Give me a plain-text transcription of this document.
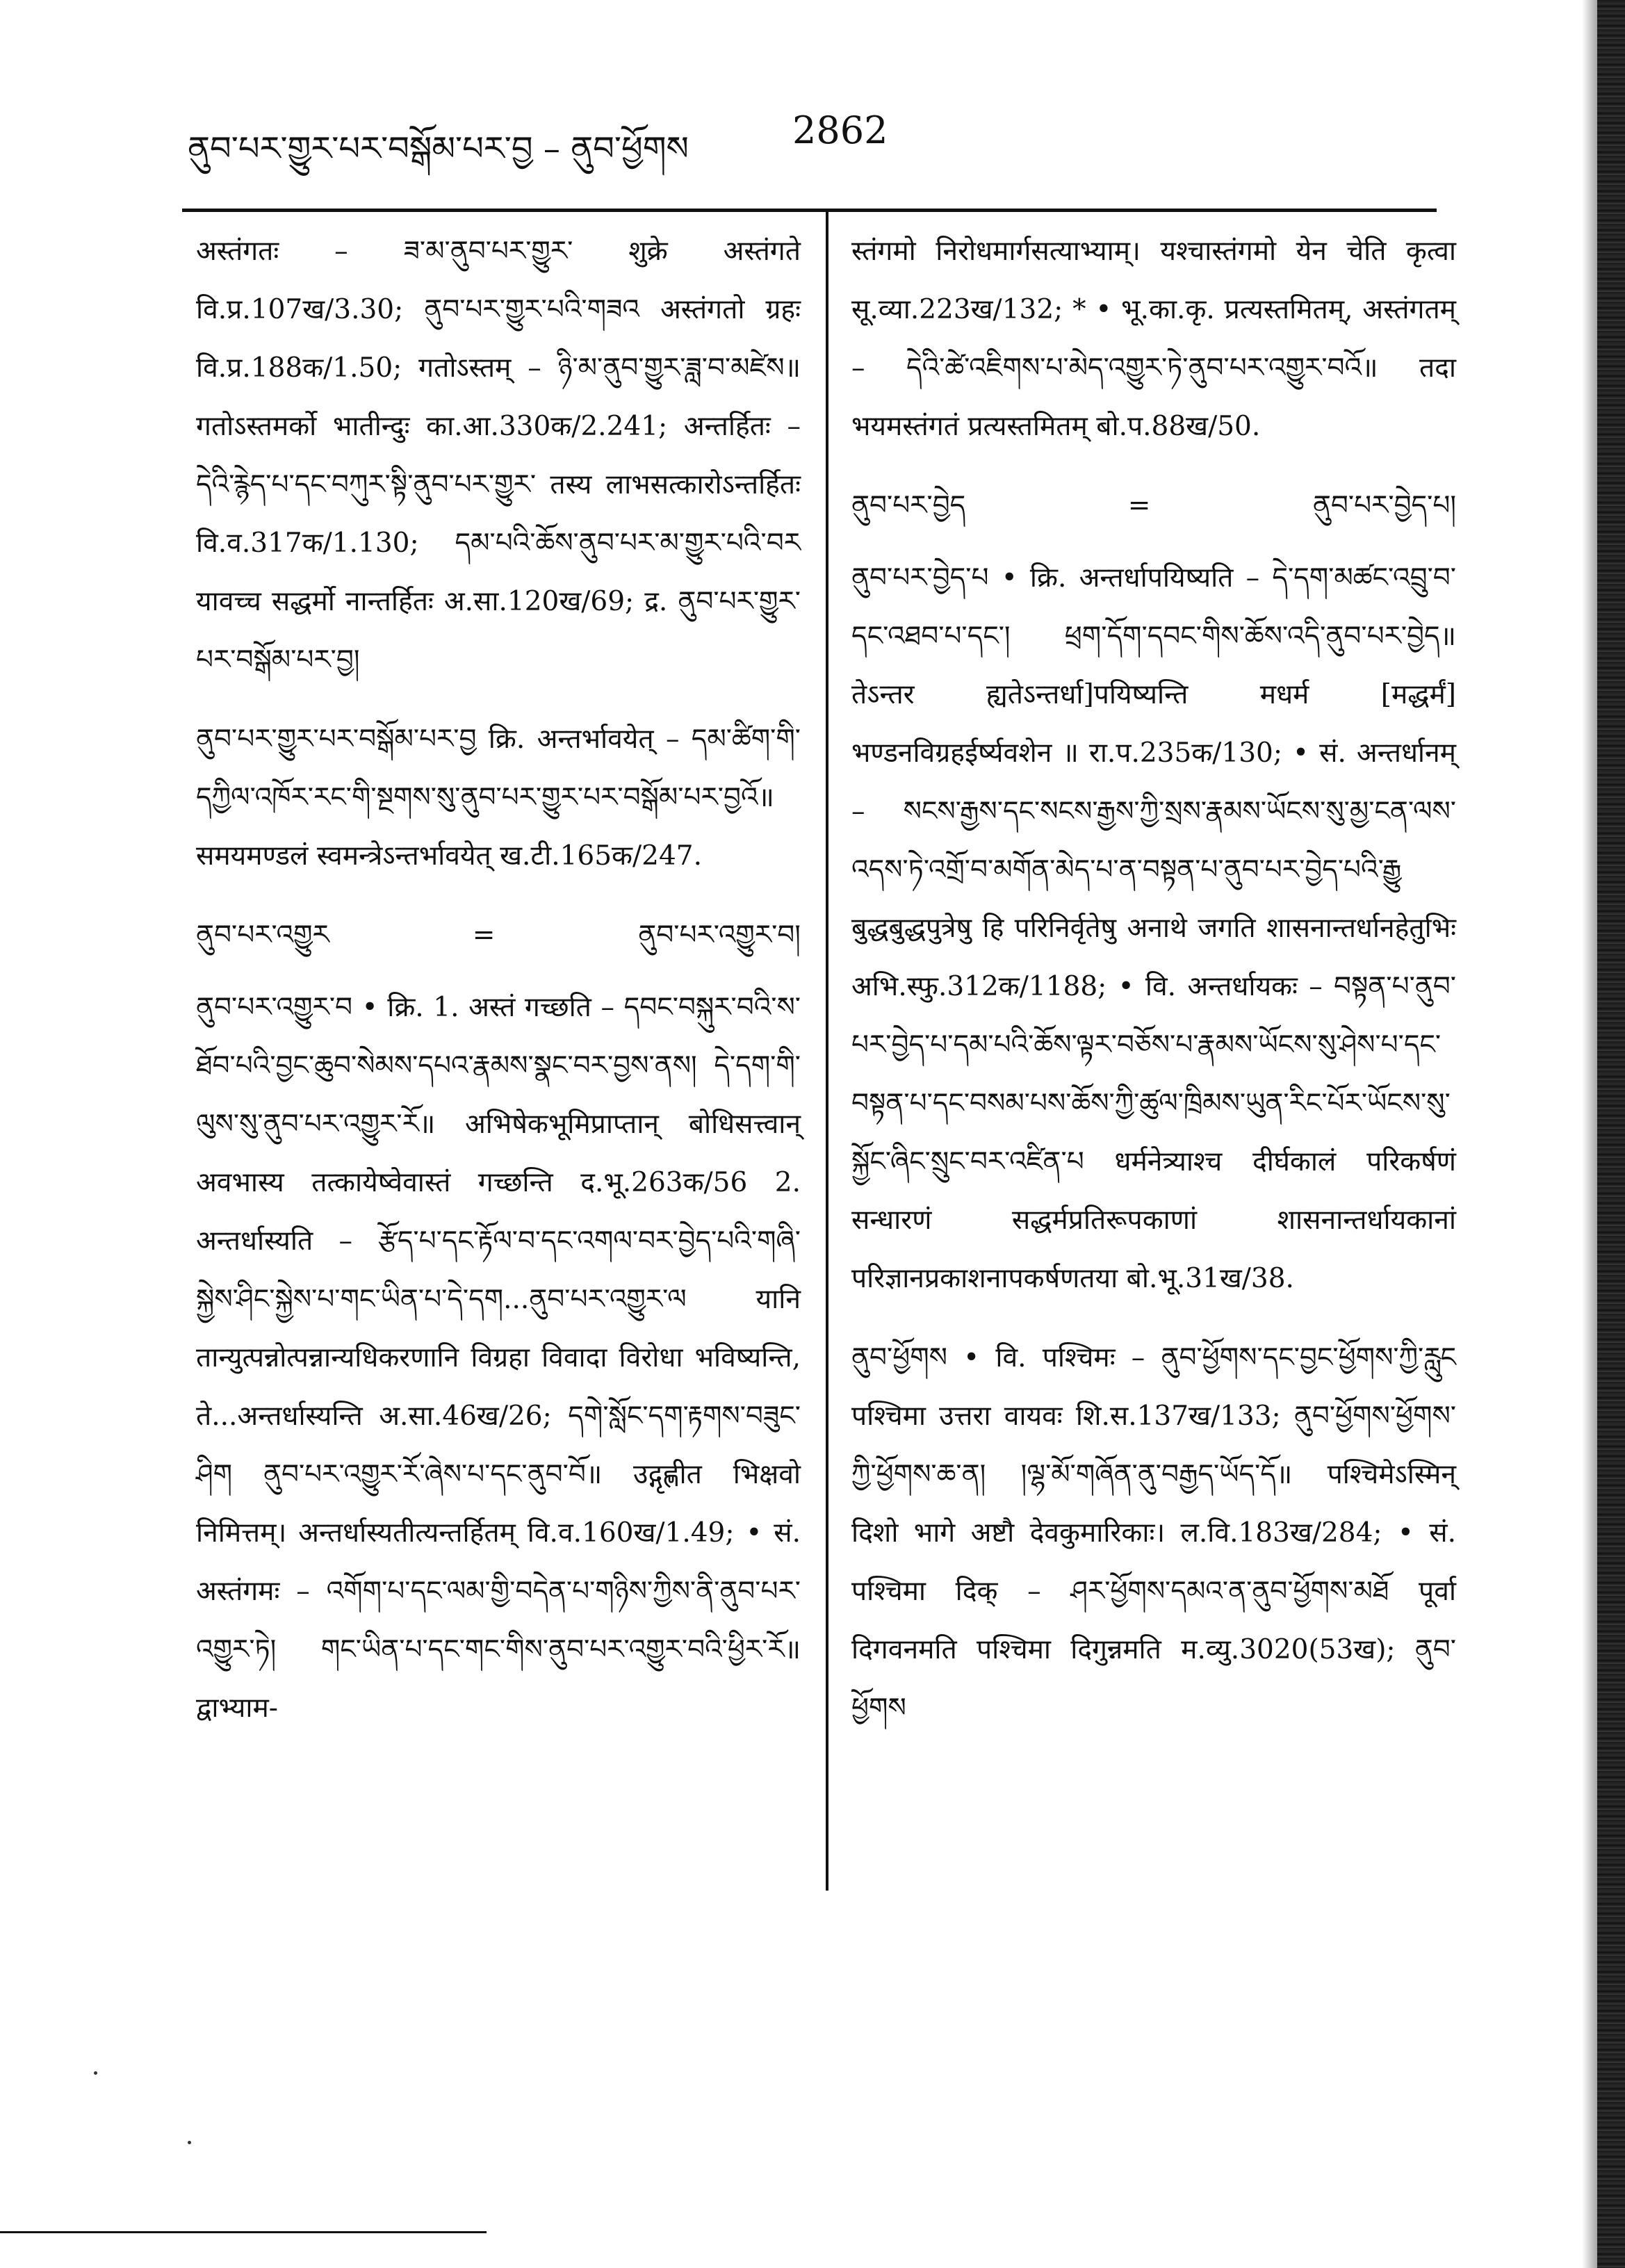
ནུབ་པར་གྱུར་པར་བསྒོམ་པར་བྱ – ནུབ་ཕྱོགས	2862

अस्तंगतः – ཟ་མ་ནུབ་པར་གྱུར་ शुक्रे अस्तंगते वि.प्र.107ख/3.30; ནུབ་པར་གྱུར་པའི་གཟའ अस्तंगतो ग्रहः वि.प्र.188क/1.50; गतोऽस्तम् – ཉི་མ་ནུབ་གྱུར་ཟླ་བ་མཛེས॥ गतोऽस्तमर्को भातीन्दुः का.आ.330क/2.241; अन्तर्हितः – དེའི་རྙེད་པ་དང་བཀུར་སྟི་ནུབ་པར་གྱུར་ तस्य लाभसत्कारोऽन्तर्हितः वि.व.317क/1.130; དམ་པའི་ཆོས་ནུབ་པར་མ་གྱུར་པའི་བར यावच्च सद्धर्मो नान्तर्हितः अ.सा.120ख/69; द्र. ནུབ་པར་གྱུར་པར་བསྒོམ་པར་བྱ།

ནུབ་པར་གྱུར་པར་བསྒོམ་པར་བྱ क्रि. अन्तर्भावयेत् – དམ་ཚིག་གི་དཀྱིལ་འཁོར་རང་གི་སྔགས་སུ་ནུབ་པར་གྱུར་པར་བསྒོམ་པར་བྱའོ॥ समयमण्डलं स्वमन्त्रेऽन्तर्भावयेत् ख.टी.165क/247.

ནུབ་པར་འགྱུར	=	ནུབ་པར་འགྱུར་བ།

ནུབ་པར་འགྱུར་བ • क्रि. 1. अस्तं गच्छति – དབང་བསྐུར་བའི་ས་ཐོབ་པའི་བྱང་ཆུབ་སེམས་དཔའ་རྣམས་སྣང་བར་བྱས་ནས། དེ་དག་གི་ལུས་སུ་ནུབ་པར་འགྱུར་རོ॥ अभिषेकभूमिप्राप्तान् बोधिसत्त्वान् अवभास्य तत्कायेष्वेवास्तं गच्छन्ति द.भू.263क/56 2. अन्तर्धास्यति – རྩོད་པ་དང་རྟོལ་བ་དང་འགལ་བར་བྱེད་པའི་གཞི་སྐྱེས་ཤིང་སྐྱེས་པ་གང་ཡིན་པ་དེ་དག...ནུབ་པར་འགྱུར་ལ यानि तान्युत्पन्नोत्पन्नान्यधिकरणानि विग्रहा विवादा विरोधा भविष्यन्ति, ते...अन्तर्धास्यन्ति अ.सा.46ख/26; དགེ་སློང་དག་རྟགས་བཟུང་ཤིག ནུབ་པར་འགྱུར་རོ་ཞེས་པ་དང་ནུབ་བོ॥ उद्गृह्णीत भिक्षवो निमित्तम्। अन्तर्धास्यतीत्यन्तर्हितम् वि.व.160ख/1.49; • सं. अस्तंगमः – འགོག་པ་དང་ལམ་གྱི་བདེན་པ་གཉིས་ཀྱིས་ནི་ནུབ་པར་འགྱུར་ཏེ། གང་ཡིན་པ་དང་གང་གིས་ནུབ་པར་འགྱུར་བའི་ཕྱིར་རོ॥ द्वाभ्याम-

स्तंगमो निरोधमार्गसत्याभ्याम्। यश्चास्तंगमो येन चेति कृत्वा सू.व्या.223ख/132; * • भू.का.कृ. प्रत्यस्तमितम्, अस्तंगतम् – དེའི་ཚེ་འཇིགས་པ་མེད་འགྱུར་ཏེ་ནུབ་པར་འགྱུར་བའོ॥ तदा भयमस्तंगतं प्रत्यस्तमितम् बो.प.88ख/50.

ནུབ་པར་བྱེད	=	ནུབ་པར་བྱེད་པ།

ནུབ་པར་བྱེད་པ • क्रि. अन्तर्धापयिष्यति – དེ་དག་མཚང་འབྲུ་བ་དང་འཐབ་པ་དང་། ཕྲག་དོག་དབང་གིས་ཆོས་འདི་ནུབ་པར་བྱེད॥ तेऽन्तर ह्यतेऽन्तर्धा]पयिष्यन्ति मधर्म [मद्धर्मं] भण्डनविग्रहईर्ष्यवशेन ॥ रा.प.235क/130; • सं. अन्तर्धानम् – སངས་རྒྱས་དང་སངས་རྒྱས་ཀྱི་སྲས་རྣམས་ཡོངས་སུ་མྱ་ངན་ལས་འདས་ཏེ་འགྲོ་བ་མགོན་མེད་པ་ན་བསྟན་པ་ནུབ་པར་བྱེད་པའི་རྒྱུ बुद्धबुद्धपुत्रेषु हि परिनिर्वृतेषु अनाथे जगति शासनान्तर्धानहेतुभिः अभि.स्फु.312क/1188; • वि. अन्तर्धायकः – བསྟན་པ་ནུབ་པར་བྱེད་པ་དམ་པའི་ཆོས་ལྟར་བཅོས་པ་རྣམས་ཡོངས་སུ་ཤེས་པ་དང་བསྟན་པ་དང་བསམ་པས་ཆོས་ཀྱི་ཚུལ་ཁྲིམས་ཡུན་རིང་པོར་ཡོངས་སུ་སྐྱོང་ཞིང་སྲུང་བར་འཛིན་པ धर्मनेत्र्याश्च दीर्घकालं परिकर्षणं सन्धारणं सद्धर्मप्रतिरूपकाणां शासनान्तर्धायकानां परिज्ञानप्रकाशनापकर्षणतया बो.भू.31ख/38.

ནུབ་ཕྱོགས • वि. पश्चिमः – ནུབ་ཕྱོགས་དང་བྱང་ཕྱོགས་ཀྱི་རླུང पश्चिमा उत्तरा वायवः शि.स.137ख/133; ནུབ་ཕྱོགས་ཕྱོགས་ཀྱི་ཕྱོགས་ཆ་ན། །ལྷ་མོ་གཞོན་ནུ་བརྒྱད་ཡོད་དོ॥ पश्चिमेऽस्मिन् दिशो भागे अष्टौ देवकुमारिकाः। ल.वि.183ख/284; • सं. पश्चिमा दिक् – ཤར་ཕྱོགས་དམའ་ན་ནུབ་ཕྱོགས་མཐོ पूर्वा दिगवनमति पश्चिमा दिगुन्नमति म.व्यु.3020(53ख); ནུབ་ཕྱོགས
